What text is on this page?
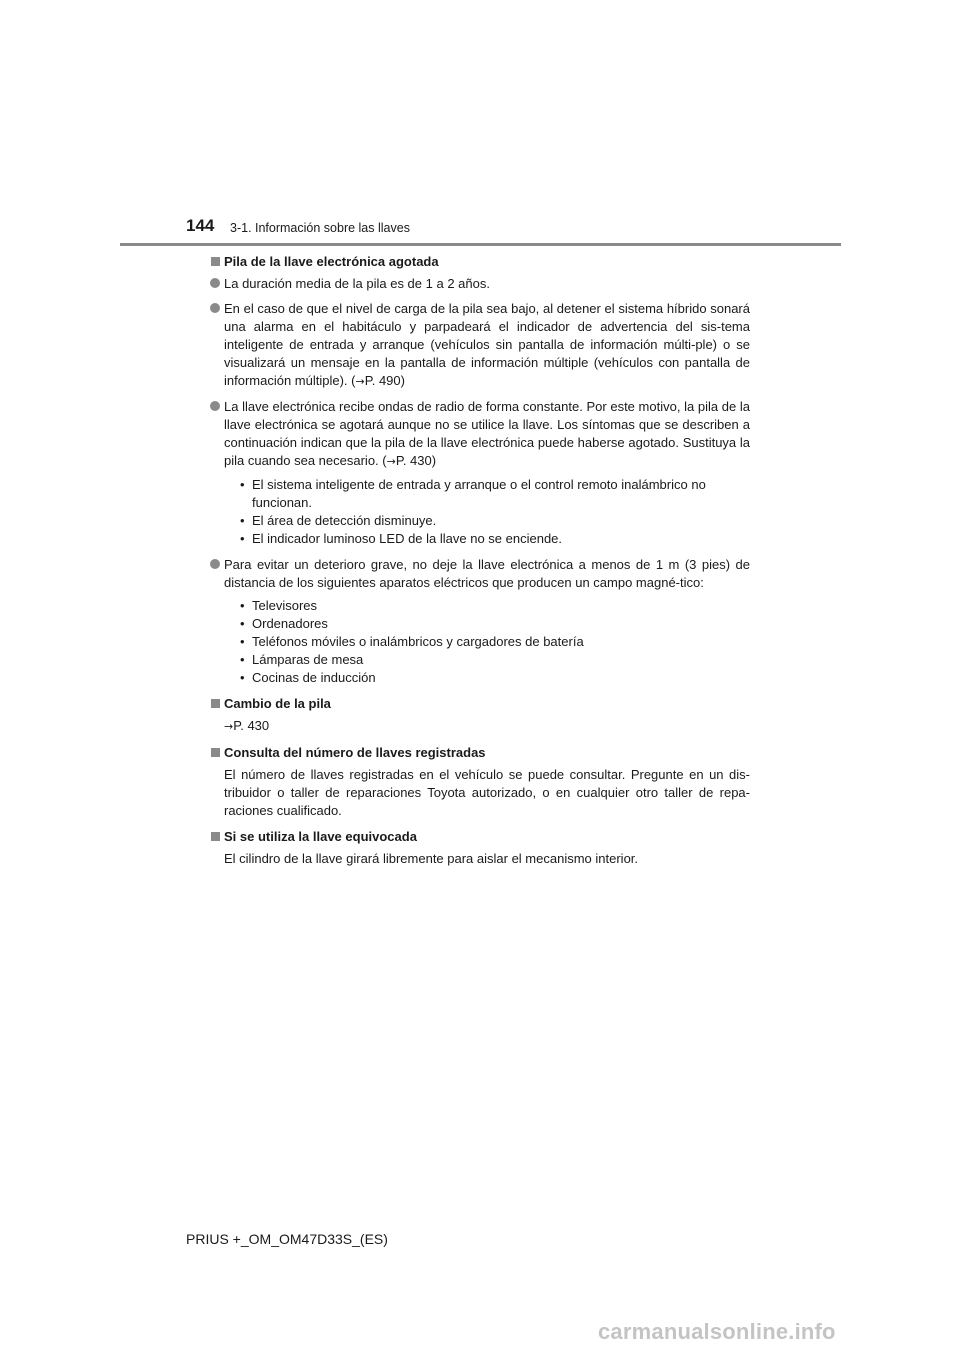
144 3-1. Información sobre las llaves
Pila de la llave electrónica agotada
La duración media de la pila es de 1 a 2 años.
En el caso de que el nivel de carga de la pila sea bajo, al detener el sistema híbrido sonará una alarma en el habitáculo y parpadeará el indicador de advertencia del sis-tema inteligente de entrada y arranque (vehículos sin pantalla de información múlti-ple) o se visualizará un mensaje en la pantalla de información múltiple (vehículos con pantalla de información múltiple). (→P. 490)
La llave electrónica recibe ondas de radio de forma constante. Por este motivo, la pila de la llave electrónica se agotará aunque no se utilice la llave. Los síntomas que se describen a continuación indican que la pila de la llave electrónica puede haberse agotado. Sustituya la pila cuando sea necesario. (→P. 430)
• El sistema inteligente de entrada y arranque o el control remoto inalámbrico no funcionan.
• El área de detección disminuye.
• El indicador luminoso LED de la llave no se enciende.
Para evitar un deterioro grave, no deje la llave electrónica a menos de 1 m (3 pies) de distancia de los siguientes aparatos eléctricos que producen un campo magné-tico:
• Televisores
• Ordenadores
• Teléfonos móviles o inalámbricos y cargadores de batería
• Lámparas de mesa
• Cocinas de inducción
Cambio de la pila
→P. 430
Consulta del número de llaves registradas
El número de llaves registradas en el vehículo se puede consultar. Pregunte en un dis-tribuidor o taller de reparaciones Toyota autorizado, o en cualquier otro taller de repa-raciones cualificado.
Si se utiliza la llave equivocada
El cilindro de la llave girará libremente para aislar el mecanismo interior.
PRIUS +_OM_OM47D33S_(ES)
carmanualsonline.info
